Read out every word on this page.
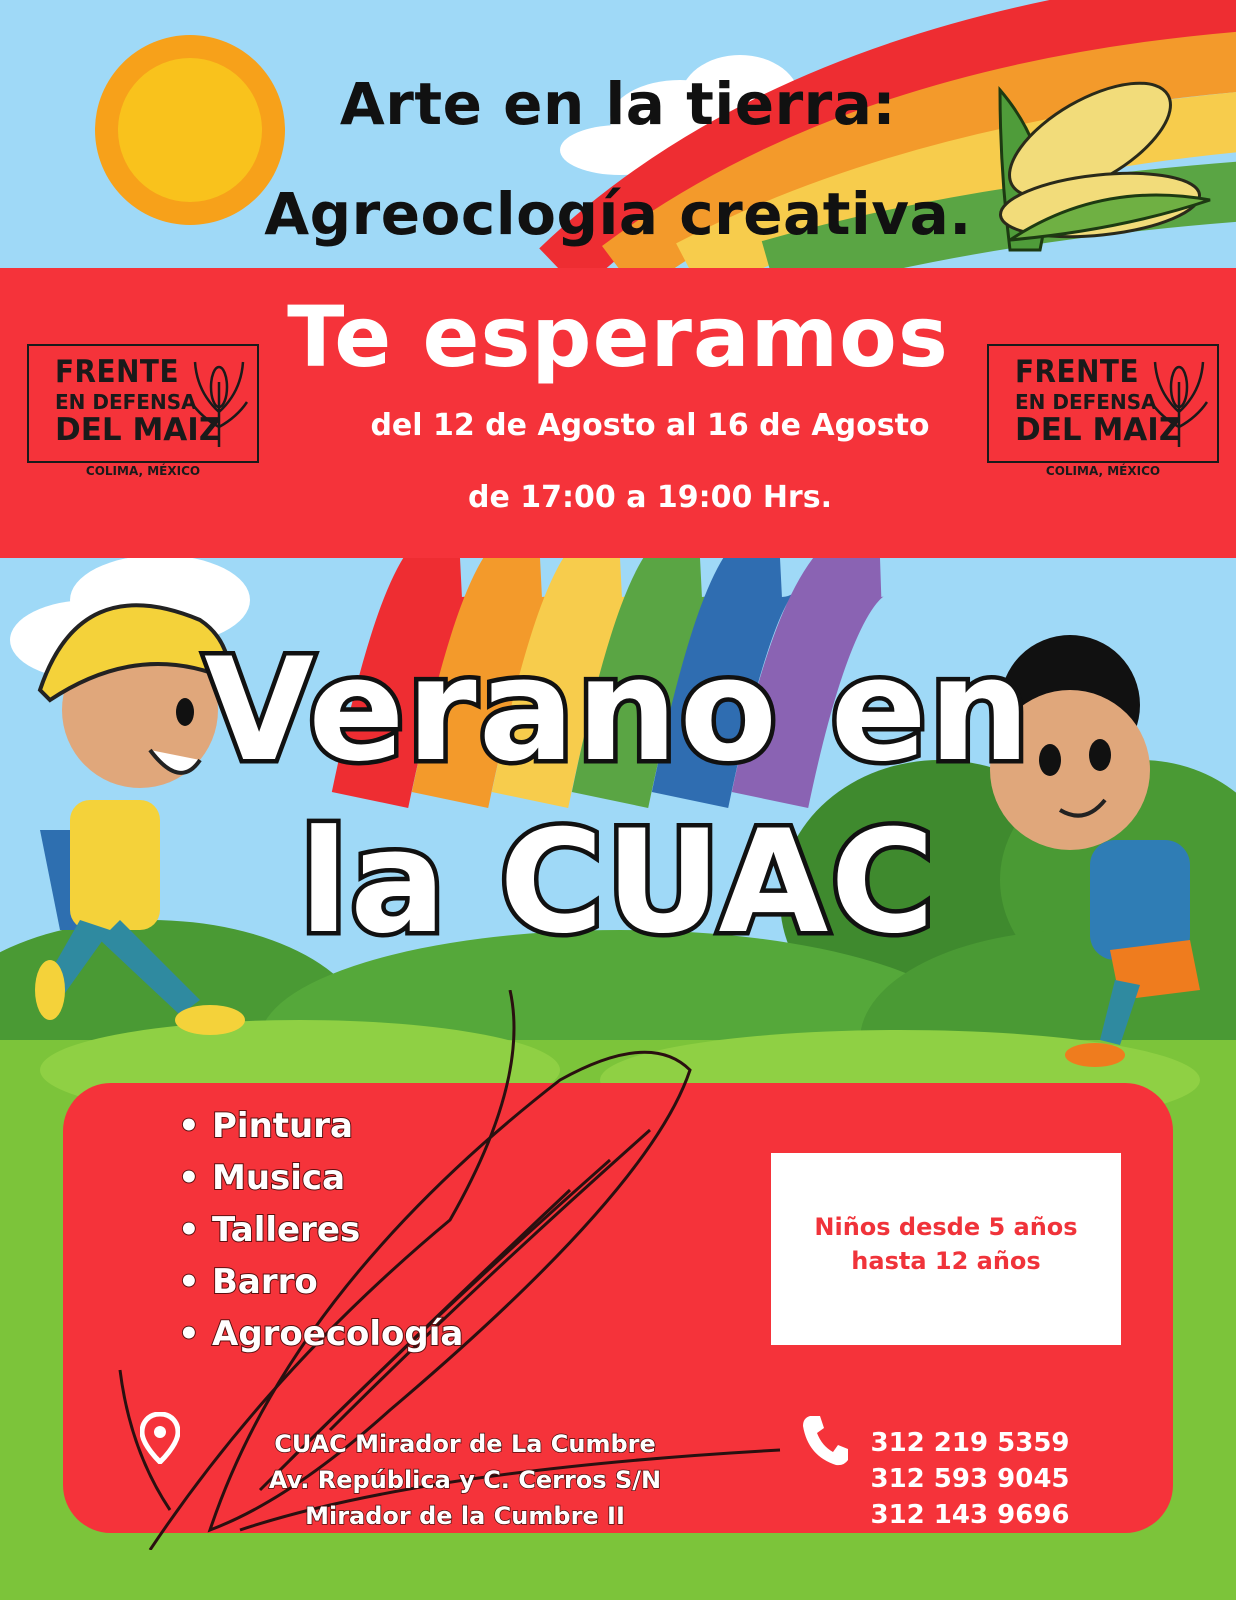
Arte en la tierra:
Agreoclogía creativa.
Te esperamos
del 12 de Agosto al 16 de Agosto
de 17:00 a 19:00 Hrs.
FRENTE
EN DEFENSA
DEL MAIZ
COLIMA, MÉXICO
FRENTE
EN DEFENSA
DEL MAIZ
COLIMA, MÉXICO
Verano en
la CUAC
• Pintura
• Musica
• Talleres
• Barro
• Agroecología
Niños desde 5 años
hasta 12 años
CUAC Mirador de La Cumbre
Av. República y C. Cerros S/N
Mirador de la Cumbre II
312 219 5359
312 593 9045
312 143 9696
